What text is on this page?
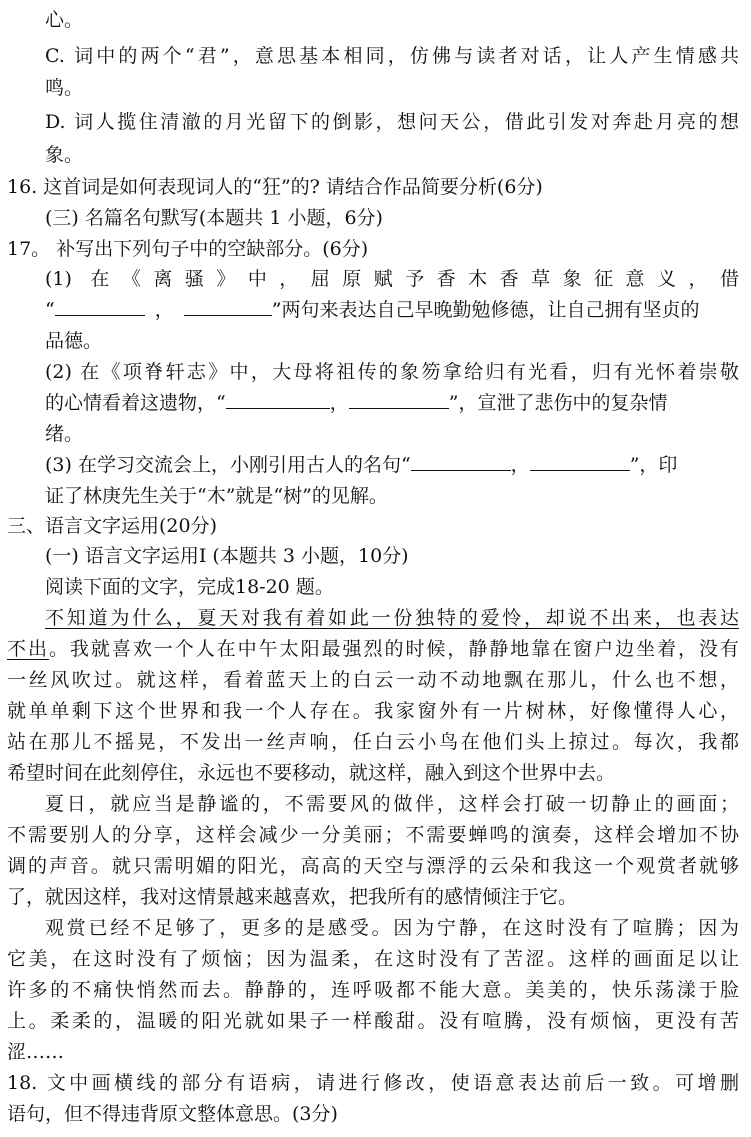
心。
C. 词中的两个“君”，意思基本相同，仿佛与读者对话，让人产生情感共
鸣。
D. 词人揽住清澈的月光留下的倒影，想问天公，借此引发对奔赴月亮的想
象。
16. 这首词是如何表现词人的“狂”的? 请结合作品简要分析(6分)
(三) 名篇名句默写(本题共 1 小题，6分)
17。 补写出下列句子中的空缺部分。(6分)
(1) 在《离骚》中，屈原赋予香木香草象征意义，借
“	，	”两句来表达自己早晚勤勉修德，让自己拥有坚贞的
品德。
(2) 在《项脊轩志》中，大母将祖传的象笏拿给归有光看，归有光怀着崇敬
的心情看着这遗物，“	，	”，宣泄了悲伤中的复杂情
绪。
(3) 在学习交流会上，小刚引用古人的名句“	，	”，印
证了林庚先生关于“木”就是“树”的见解。
三、语言文字运用(20分)
(一) 语言文字运用Ⅰ (本题共 3 小题，10分)
阅读下面的文字，完成18-20 题。
不知道为什么，夏天对我有着如此一份独特的爱怜，却说不出来，也表达
不出。我就喜欢一个人在中午太阳最强烈的时候，静静地靠在窗户边坐着，没有
一丝风吹过。就这样，看着蓝天上的白云一动不动地飘在那儿，什么也不想，
就单单剩下这个世界和我一个人存在。我家窗外有一片树林，好像懂得人心，
站在那儿不摇晃，不发出一丝声响，任白云小鸟在他们头上掠过。每次，我都
希望时间在此刻停住，永远也不要移动，就这样，融入到这个世界中去。
夏日，就应当是静谧的，不需要风的做伴，这样会打破一切静止的画面；
不需要别人的分享，这样会减少一分美丽；不需要蝉鸣的演奏，这样会增加不协
调的声音。就只需明媚的阳光，高高的天空与漂浮的云朵和我这一个观赏者就够
了，就因这样，我对这情景越来越喜欢，把我所有的感情倾注于它。
观赏已经不足够了，更多的是感受。因为宁静，在这时没有了喧腾；因为
它美，在这时没有了烦恼；因为温柔，在这时没有了苦涩。这样的画面足以让
许多的不痛快悄然而去。静静的，连呼吸都不能大意。美美的，快乐荡漾于脸
上。柔柔的，温暖的阳光就如果子一样酸甜。没有喧腾，没有烦恼，更没有苦
涩……
18. 文中画横线的部分有语病，请进行修改，使语意表达前后一致。可增删
语句，但不得违背原文整体意思。(3分)
